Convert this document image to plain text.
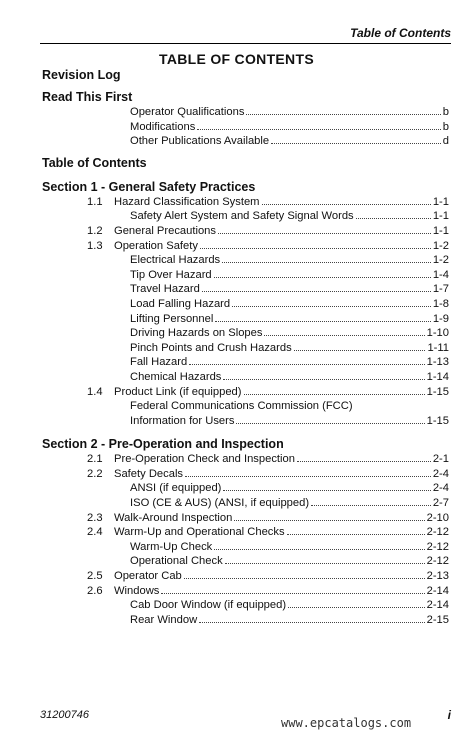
Table of Contents
TABLE OF CONTENTS
Revision Log
Read This First
Operator Qualifications	b
Modifications	b
Other Publications Available	d
Table of Contents
Section 1 - General Safety Practices
1.1	Hazard Classification System	1-1
Safety Alert System and Safety Signal Words	1-1
1.2	General Precautions	1-1
1.3	Operation Safety	1-2
Electrical Hazards	1-2
Tip Over Hazard	1-4
Travel Hazard	1-7
Load Falling Hazard	1-8
Lifting Personnel	1-9
Driving Hazards on Slopes	1-10
Pinch Points and Crush Hazards	1-11
Fall Hazard	1-13
Chemical Hazards	1-14
1.4	Product Link (if equipped)	1-15
Federal Communications Commission (FCC)
Information for Users	1-15
Section 2 - Pre-Operation and Inspection
2.1	Pre-Operation Check and Inspection	2-1
2.2	Safety Decals	2-4
ANSI (if equipped)	2-4
ISO (CE & AUS) (ANSI, if equipped)	2-7
2.3	Walk-Around Inspection	2-10
2.4	Warm-Up and Operational Checks	2-12
Warm-Up Check	2-12
Operational Check	2-12
2.5	Operator Cab	2-13
2.6	Windows	2-14
Cab Door Window (if equipped)	2-14
Rear Window	2-15
31200746	i
www.epcatalogs.com
